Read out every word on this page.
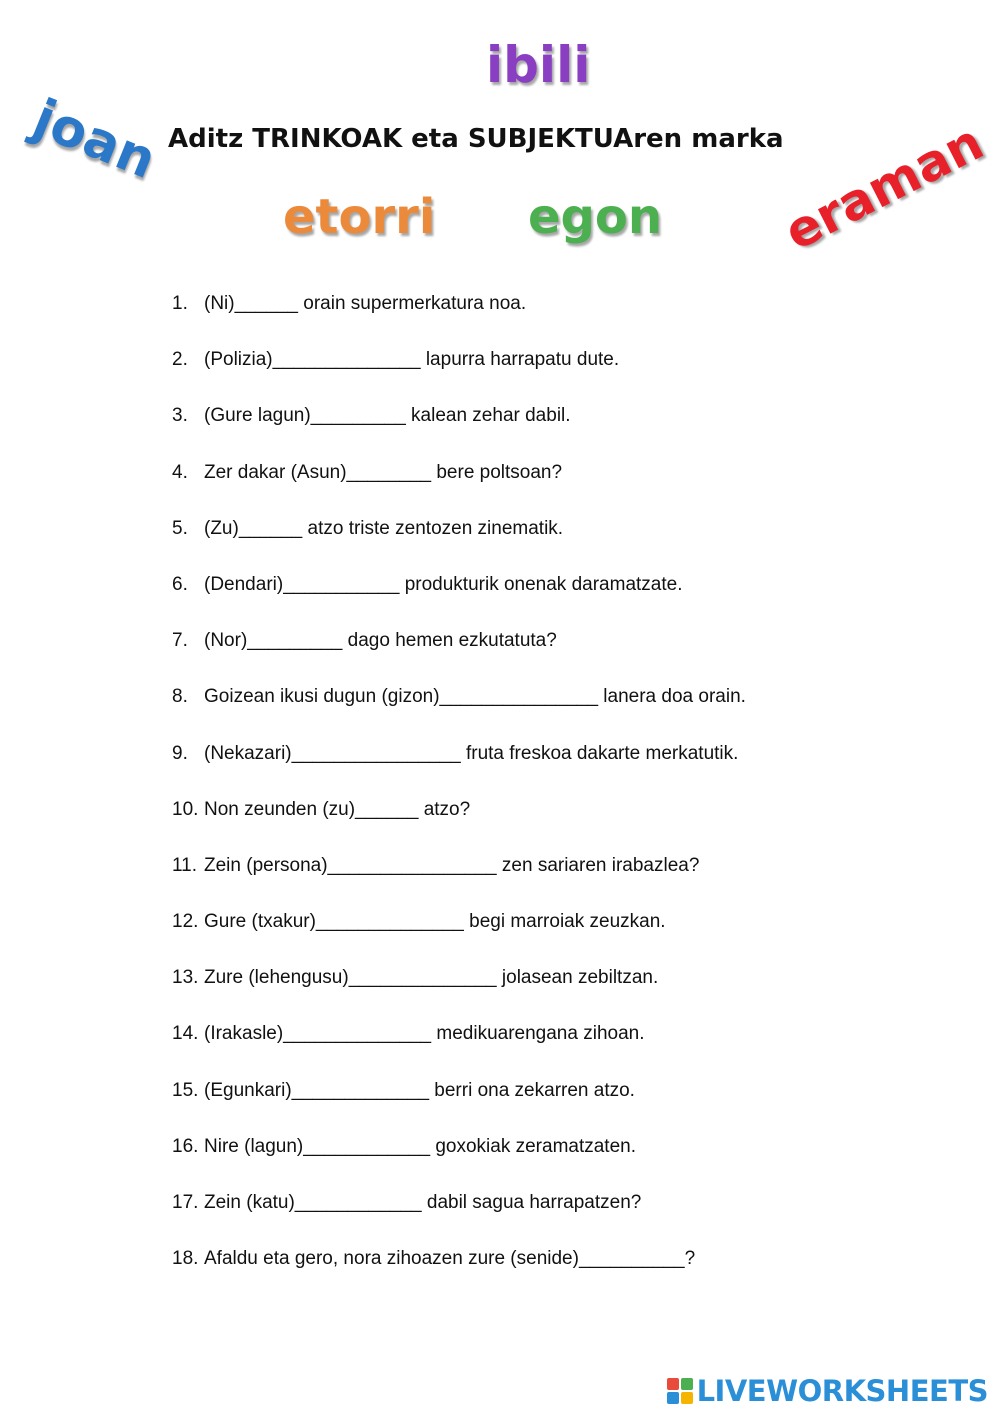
ibili
joan Aditz TRINKOAK eta SUBJEKTUAren marka
etorri egon eraman
1. (Ni)______ orain supermerkatura noa.
2. (Polizia)______________ lapurra harrapatu dute.
3. (Gure lagun)_________ kalean zehar dabil.
4. Zer dakar (Asun)________ bere poltsoan?
5. (Zu)______ atzo triste zentozen zinematik.
6. (Dendari)___________ produkturik onenak daramatzate.
7. (Nor)_________ dago hemen ezkutatuta?
8. Goizean ikusi dugun (gizon)_______________ lanera doa orain.
9. (Nekazari)________________ fruta freskoa dakarte merkatutik.
10. Non zeunden (zu)______ atzo?
11. Zein (persona)________________ zen sariaren irabazlea?
12. Gure (txakur)______________ begi marroiak zeuzkan.
13. Zure (lehengusu)______________ jolasean zebiltzan.
14. (Irakasle)______________ medikuarengana zihoan.
15. (Egunkari)_____________ berri ona zekarren atzo.
16. Nire (lagun)____________ goxokiak zeramatzaten.
17. Zein (katu)____________ dabil sagua harrapatzen?
18. Afaldu eta gero, nora zihoazen zure (senide)__________?
LIVEWORKSHEETS
